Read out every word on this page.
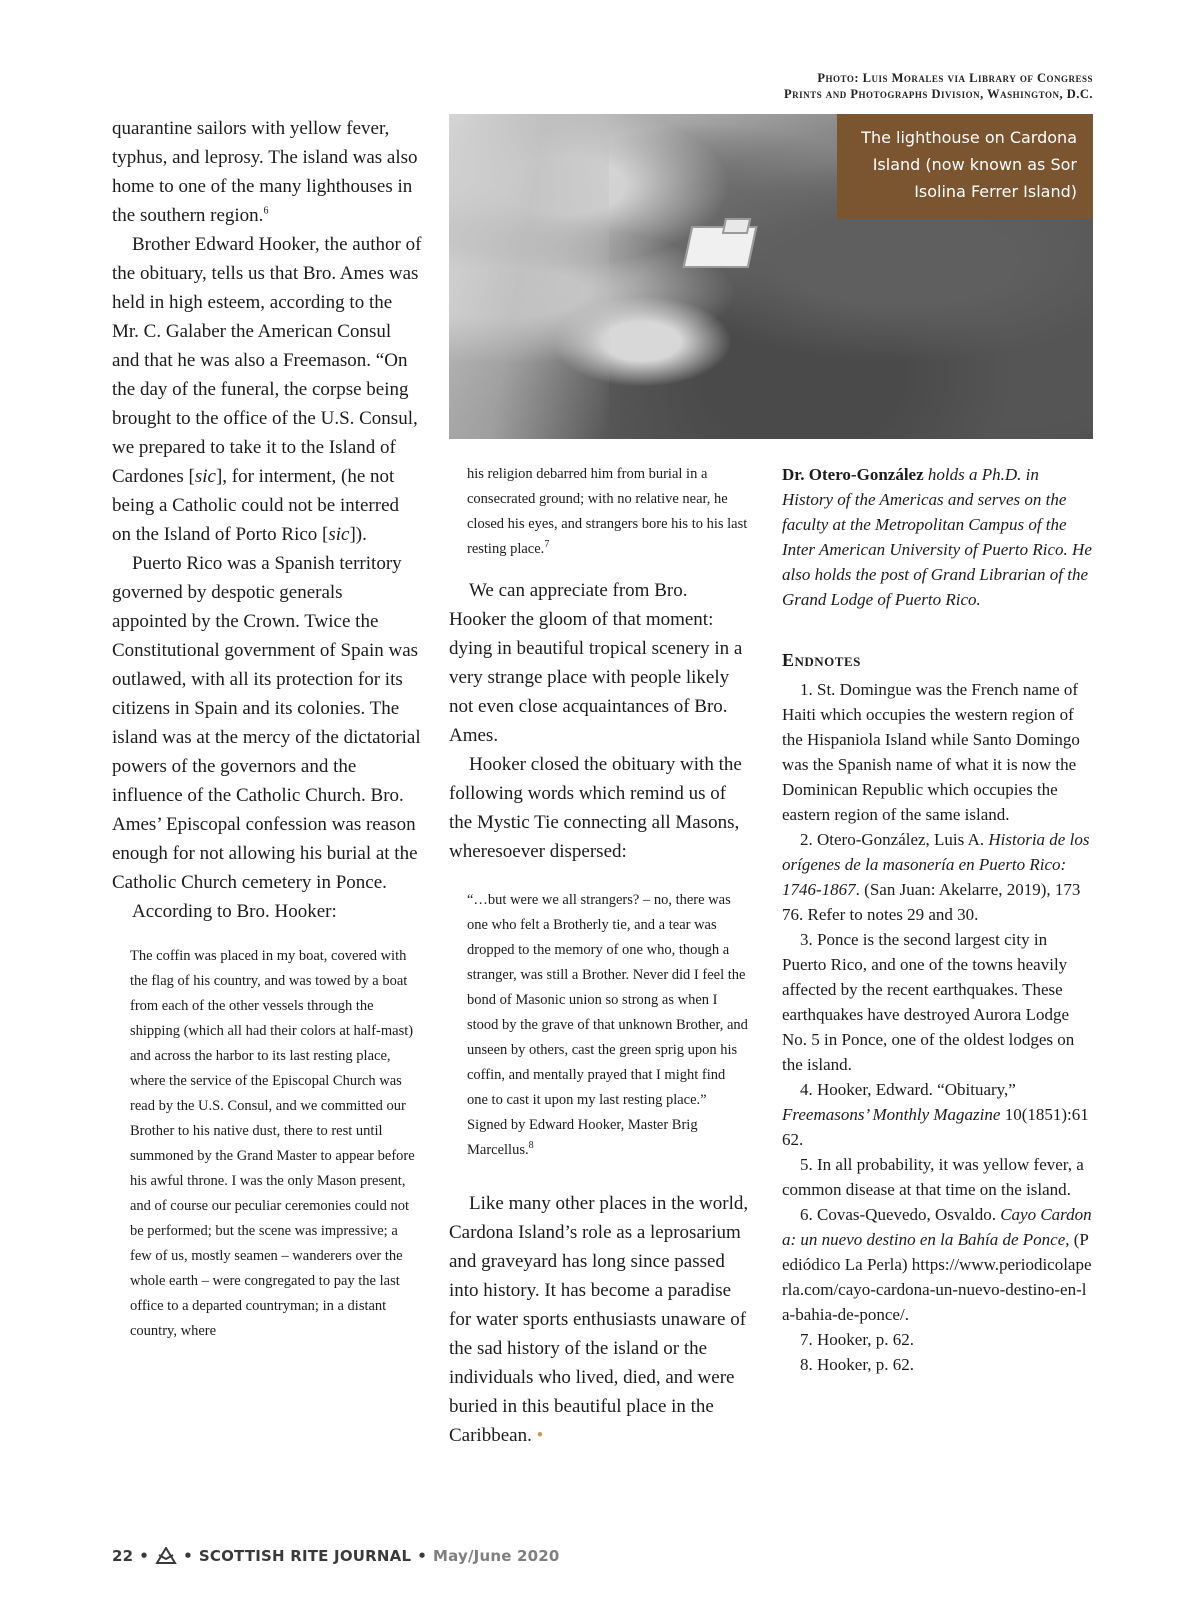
Photo: Luis Morales via Library of Congress
Prints and Photographs Division, Washington, D.C.
The lighthouse on Cardona
Island (now known as Sor
Isolina Ferrer Island)

quarantine sailors with yellow fever, typhus, and leprosy. The island was also home to one of the many lighthouses in the southern region.$^6$

Brother Edward Hooker, the author of the obituary, tells us that Bro. Ames was held in high esteem, according to the Mr. C. Galaber the American Consul and that he was also a Freemason. “On the day of the funeral, the corpse being brought to the office of the U.S. Consul, we prepared to take it to the Island of Cardones [sic], for interment, (he not being a Catholic could not be interred on the Island of Porto Rico [sic]).

Puerto Rico was a Spanish territory governed by despotic generals appointed by the Crown. Twice the Constitutional government of Spain was outlawed, with all its protection for its citizens in Spain and its colonies. The island was at the mercy of the dictatorial powers of the governors and the influence of the Catholic Church. Bro. Ames’ Episcopal confession was reason enough for not allowing his burial at the Catholic Church cemetery in Ponce.

According to Bro. Hooker:

The coffin was placed in my boat, covered with the flag of his country, and was towed by a boat from each of the other vessels through the shipping (which all had their colors at half-mast) and across the harbor to its last resting place, where the service of the Episcopal Church was read by the U.S. Consul, and we committed our Brother to his native dust, there to rest until summoned by the Grand Master to appear before his awful throne. I was the only Mason present, and of course our peculiar ceremonies could not be performed; but the scene was impressive; a few of us, mostly seamen – wanderers over the whole earth – were congregated to pay the last office to a departed countryman; in a distant country, where

his religion debarred him from burial in a consecrated ground; with no relative near, he closed his eyes, and strangers bore his to his last resting place.$^7$

We can appreciate from Bro. Hooker the gloom of that moment: dying in beautiful tropical scenery in a very strange place with people likely not even close acquaintances of Bro. Ames.

Hooker closed the obituary with the following words which remind us of the Mystic Tie connecting all Masons, wheresoever dispersed:

“…but were we all strangers? – no, there was one who felt a Brotherly tie, and a tear was dropped to the memory of one who, though a stranger, was still a Brother. Never did I feel the bond of Masonic union so strong as when I stood by the grave of that unknown Brother, and unseen by others, cast the green sprig upon his coffin, and mentally prayed that I might find one to cast it upon my last resting place.” Signed by Edward Hooker, Master Brig Marcellus.$^8$

Like many other places in the world, Cardona Island’s role as a leprosarium and graveyard has long since passed into history. It has become a paradise for water sports enthusiasts unaware of the sad history of the island or the individuals who lived, died, and were buried in this beautiful place in the Caribbean. •

Dr. Otero-González holds a Ph.D. in History of the Americas and serves on the faculty at the Metropolitan Campus of the Inter American University of Puerto Rico. He also holds the post of Grand Librarian of the Grand Lodge of Puerto Rico.

Endnotes

1. St. Domingue was the French name of Haiti which occupies the western region of the Hispaniola Island while Santo Domingo was the Spanish name of what it is now the Dominican Republic which occupies the eastern region of the same island.

2. Otero-González, Luis A. Historia de los orígenes de la masonería en Puerto Rico: 1746-1867. (San Juan: Akelarre, 2019), 173 76. Refer to notes 29 and 30.

3. Ponce is the second largest city in Puerto Rico, and one of the towns heavily affected by the recent earthquakes. These earthquakes have destroyed Aurora Lodge No. 5 in Ponce, one of the oldest lodges on the island.

4. Hooker, Edward. “Obituary,” Freemasons’ Monthly Magazine 10(1851):61 62.

5. In all probability, it was yellow fever, a common disease at that time on the island.

6. Covas-Quevedo, Osvaldo. Cayo Cardona: un nuevo destino en la Bahía de Ponce, (Pediódico La Perla) https://www.periodicolaperla.com/cayo-cardona-un-nuevo-destino-en-la-bahia-de-ponce/.

7. Hooker, p. 62.

8. Hooker, p. 62.

22 • • SCOTTISH RITE JOURNAL • May/June 2020
